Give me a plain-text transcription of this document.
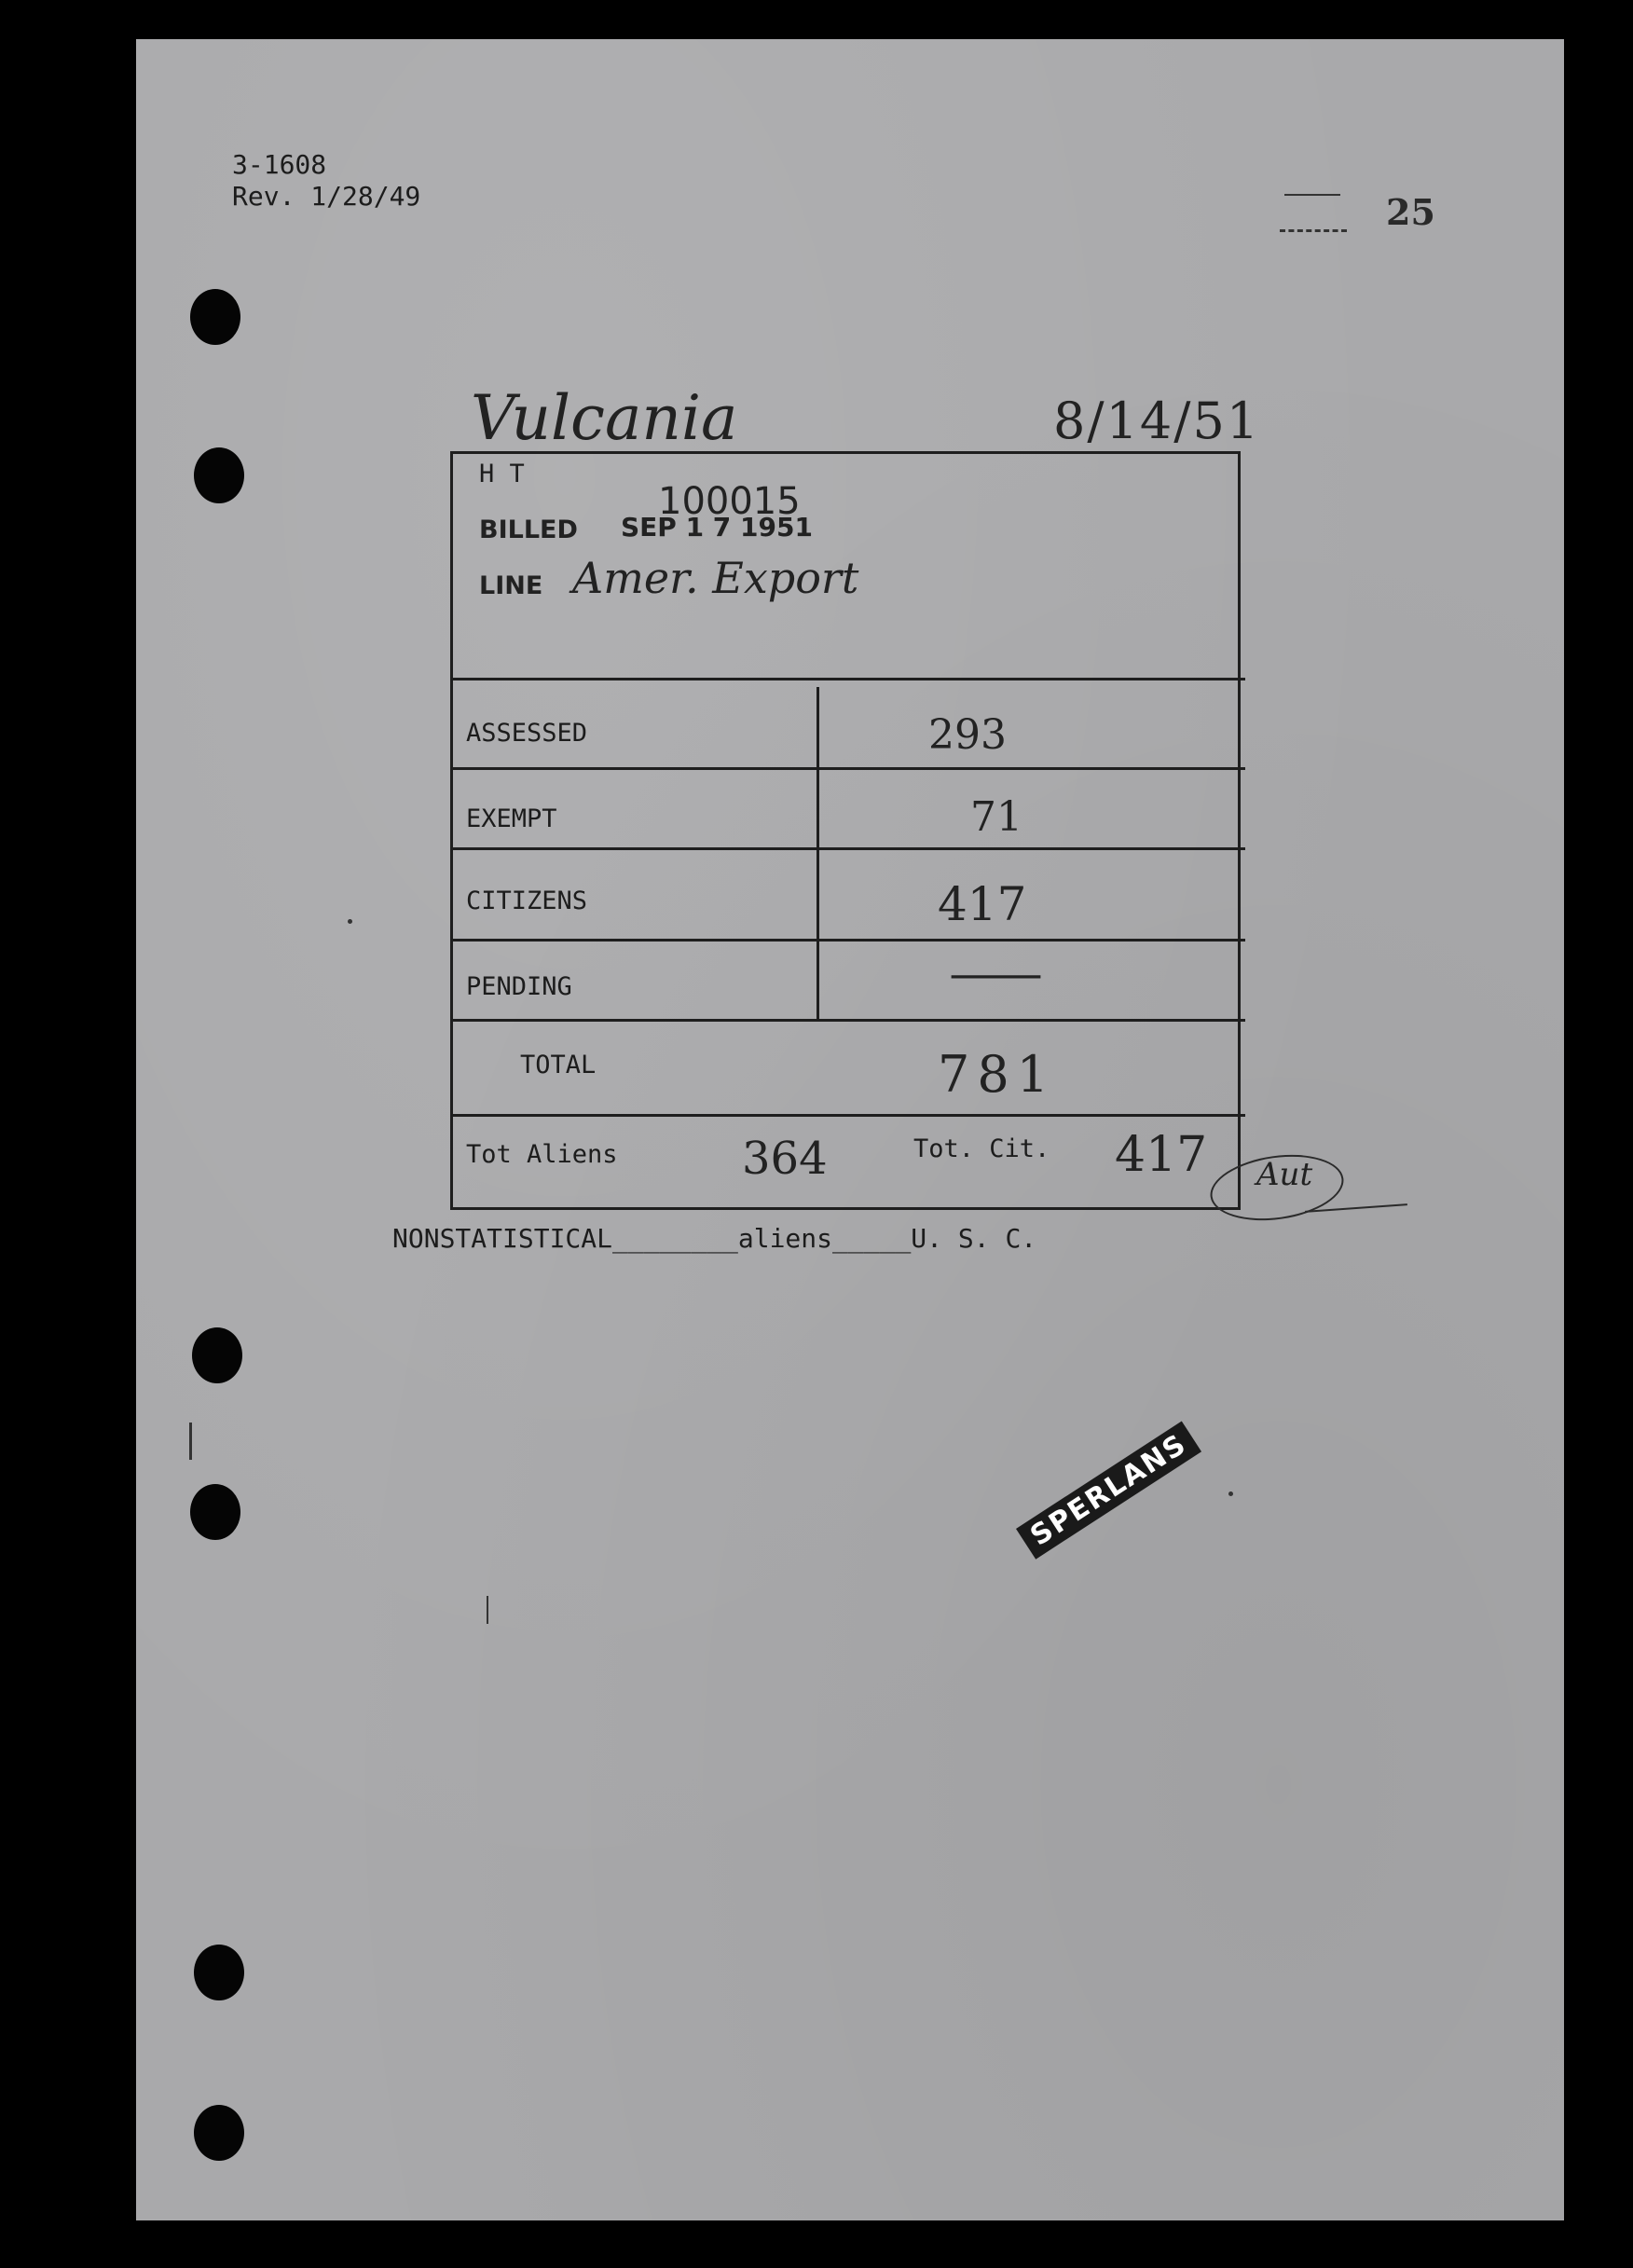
3-1608
Rev. 1/28/49	25
Vulcania	8/14/51
H T
100015
BILLED SEP 1 7 1951
LINE Amer. Export
ASSESSED	293
EXEMPT	71
CITIZENS	417
PENDING	—
TOTAL	781
Tot Aliens	364	Tot. Cit. 417 Aut
NONSTATISTICAL________aliens_____U. S. C.
SPERLANS
